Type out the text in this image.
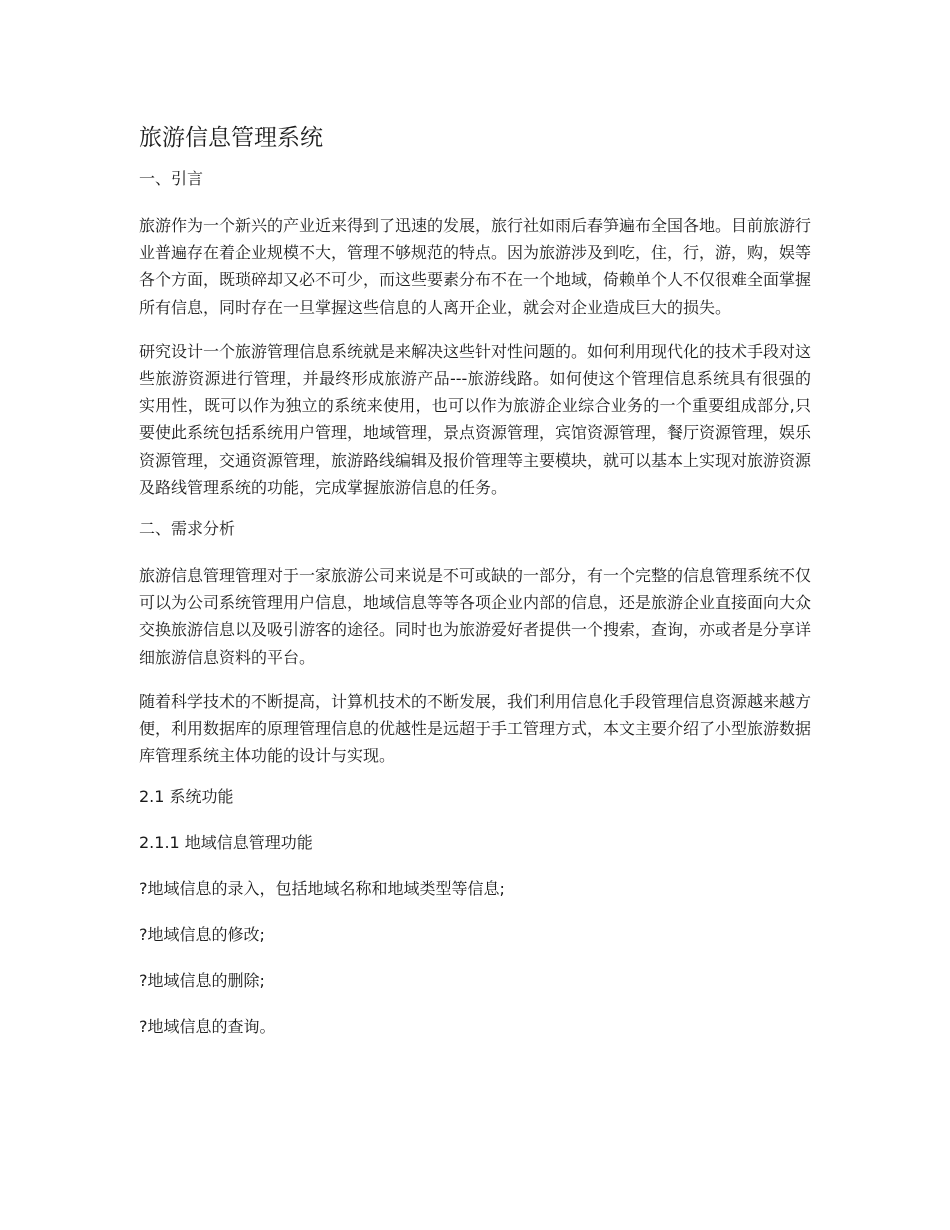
旅游信息管理系统
一、引言

旅游作为一个新兴的产业近来得到了迅速的发展，旅行社如雨后春笋遍布全国各地。目前旅游行业普遍存在着企业规模不大，管理不够规范的特点。因为旅游涉及到吃，住，行，游，购，娱等各个方面，既琐碎却又必不可少，而这些要素分布不在一个地域，倚赖单个人不仅很难全面掌握所有信息，同时存在一旦掌握这些信息的人离开企业，就会对企业造成巨大的损失。

研究设计一个旅游管理信息系统就是来解决这些针对性问题的。如何利用现代化的技术手段对这些旅游资源进行管理，并最终形成旅游产品---旅游线路。如何使这个管理信息系统具有很强的实用性，既可以作为独立的系统来使用，也可以作为旅游企业综合业务的一个重要组成部分,只要使此系统包括系统用户管理，地域管理，景点资源管理，宾馆资源管理，餐厅资源管理，娱乐资源管理，交通资源管理，旅游路线编辑及报价管理等主要模块，就可以基本上实现对旅游资源及路线管理系统的功能，完成掌握旅游信息的任务。

二、需求分析

旅游信息管理管理对于一家旅游公司来说是不可或缺的一部分，有一个完整的信息管理系统不仅可以为公司系统管理用户信息，地域信息等等各项企业内部的信息，还是旅游企业直接面向大众交换旅游信息以及吸引游客的途径。同时也为旅游爱好者提供一个搜索，查询，亦或者是分享详细旅游信息资料的平台。

随着科学技术的不断提高，计算机技术的不断发展，我们利用信息化手段管理信息资源越来越方便，利用数据库的原理管理信息的优越性是远超于手工管理方式，本文主要介绍了小型旅游数据库管理系统主体功能的设计与实现。

2.1 系统功能
2.1.1 地域信息管理功能
?地域信息的录入，包括地域名称和地域类型等信息;
?地域信息的修改;
?地域信息的删除;
?地域信息的查询。
